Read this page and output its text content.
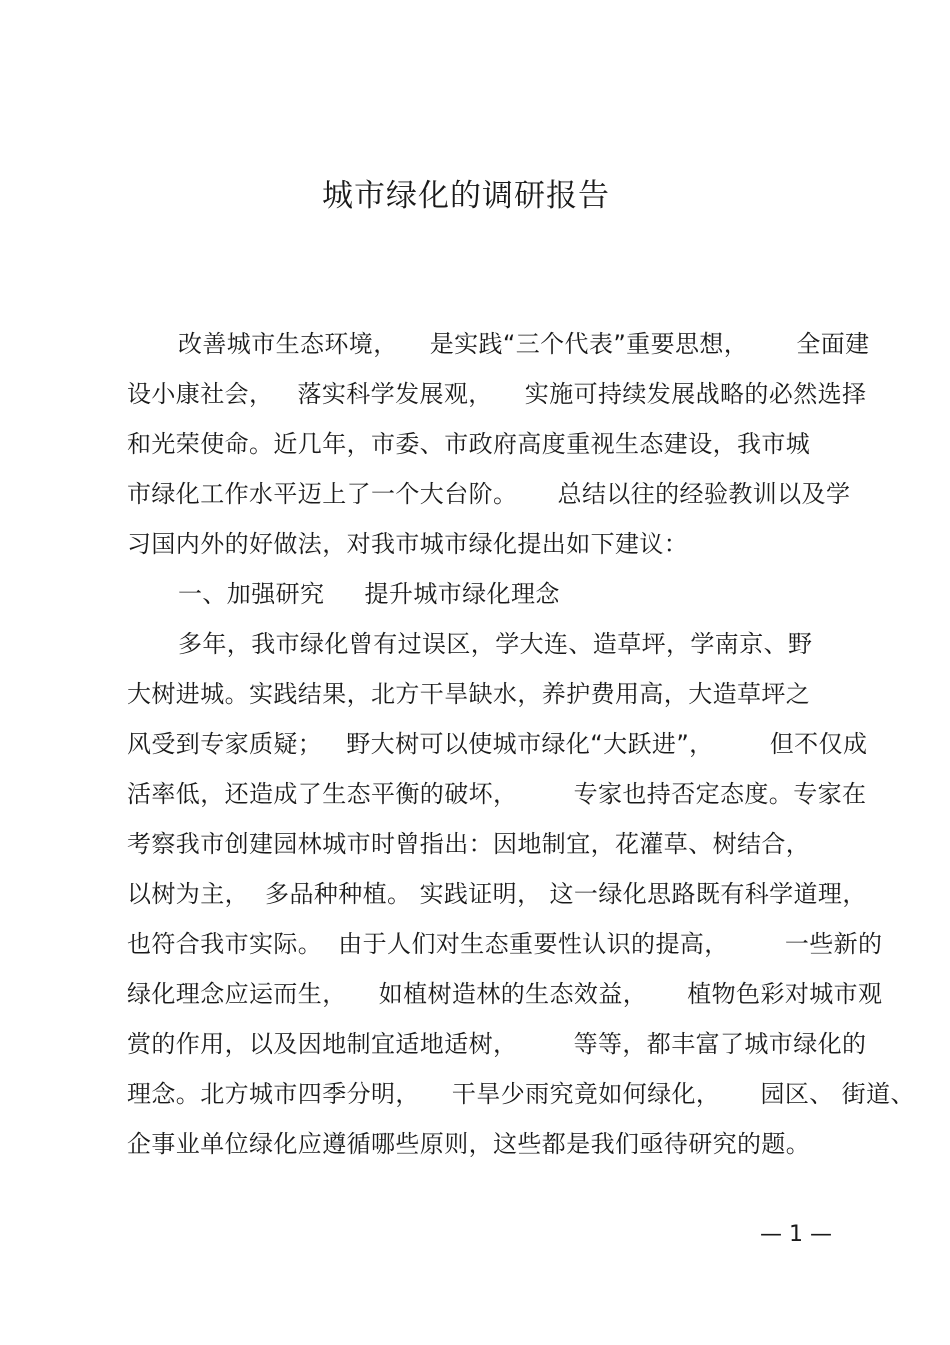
城市绿化的调研报告
改善城市生态环境，    是实践“三个代表”重要思想，      全面建
设小康社会，   落实科学发展观，    实施可持续发展战略的必然选择
和光荣使命。近几年，市委、市政府高度重视生态建设，我市城
市绿化工作水平迈上了一个大台阶。     总结以往的经验教训以及学
习国内外的好做法，对我市城市绿化提出如下建议：
一、加强研究     提升城市绿化理念
多年，我市绿化曾有过误区，学大连、造草坪，学南京、野
大树进城。实践结果，北方干旱缺水，养护费用高，大造草坪之
风受到专家质疑；   野大树可以使城市绿化“大跃进”，       但不仅成
活率低，还造成了生态平衡的破坏，       专家也持否定态度。专家在
考察我市创建园林城市时曾指出：因地制宜，花灌草、树结合，
以树为主，  多品种种植。 实践证明， 这一绿化思路既有科学道理，
也符合我市实际。  由于人们对生态重要性认识的提高，       一些新的
绿化理念应运而生，    如植树造林的生态效益，     植物色彩对城市观
赏的作用，以及因地制宜适地适树，       等等，都丰富了城市绿化的
理念。北方城市四季分明，    干旱少雨究竟如何绿化，     园区、 街道、
企事业单位绿化应遵循哪些原则，这些都是我们亟待研究的题。
— 1 —
